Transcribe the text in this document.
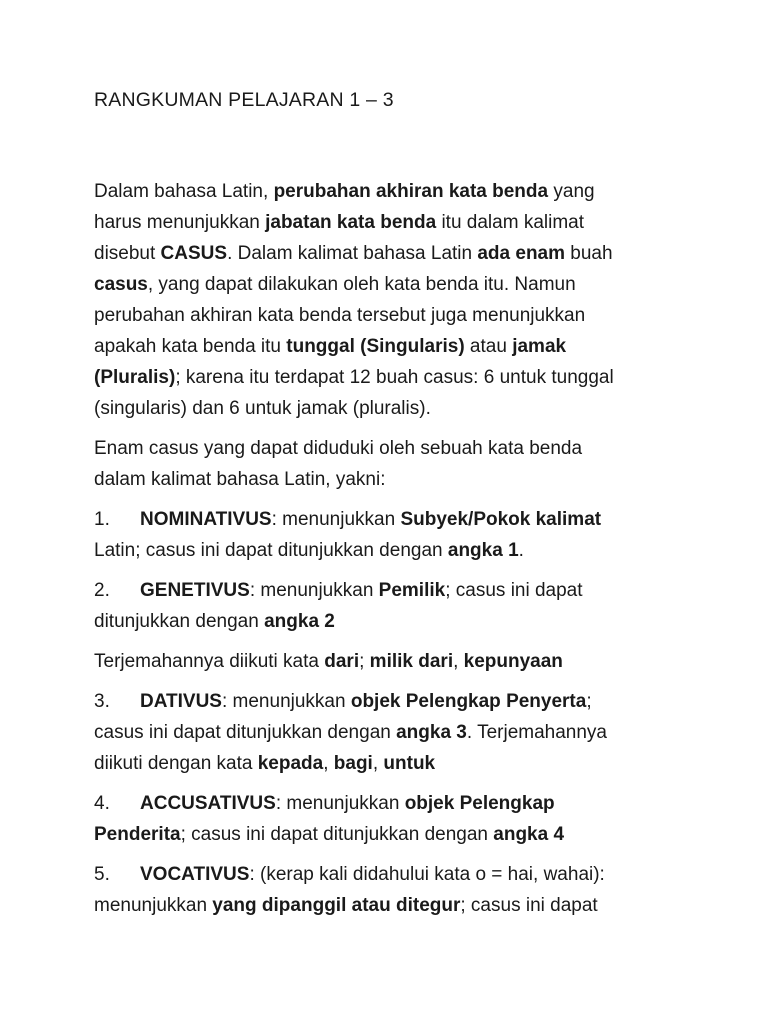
RANGKUMAN PELAJARAN 1 – 3

Dalam bahasa Latin, perubahan akhiran kata benda yang
harus menunjukkan jabatan kata benda itu dalam kalimat
disebut CASUS. Dalam kalimat bahasa Latin ada enam buah
casus, yang dapat dilakukan oleh kata benda itu. Namun
perubahan akhiran kata benda tersebut juga menunjukkan
apakah kata benda itu tunggal (Singularis) atau jamak
(Pluralis); karena itu terdapat 12 buah casus: 6 untuk tunggal
(singularis) dan 6 untuk jamak (pluralis).

Enam casus yang dapat diduduki oleh sebuah kata benda
dalam kalimat bahasa Latin, yakni:

1. NOMINATIVUS: menunjukkan Subyek/Pokok kalimat
Latin; casus ini dapat ditunjukkan dengan angka 1.

2. GENETIVUS: menunjukkan Pemilik; casus ini dapat
ditunjukkan dengan angka 2

Terjemahannya diikuti kata dari; milik dari, kepunyaan

3. DATIVUS: menunjukkan objek Pelengkap Penyerta;
casus ini dapat ditunjukkan dengan angka 3. Terjemahannya
diikuti dengan kata kepada, bagi, untuk

4. ACCUSATIVUS: menunjukkan objek Pelengkap
Penderita; casus ini dapat ditunjukkan dengan angka 4

5. VOCATIVUS: (kerap kali didahului kata o = hai, wahai):
menunjukkan yang dipanggil atau ditegur; casus ini dapat
